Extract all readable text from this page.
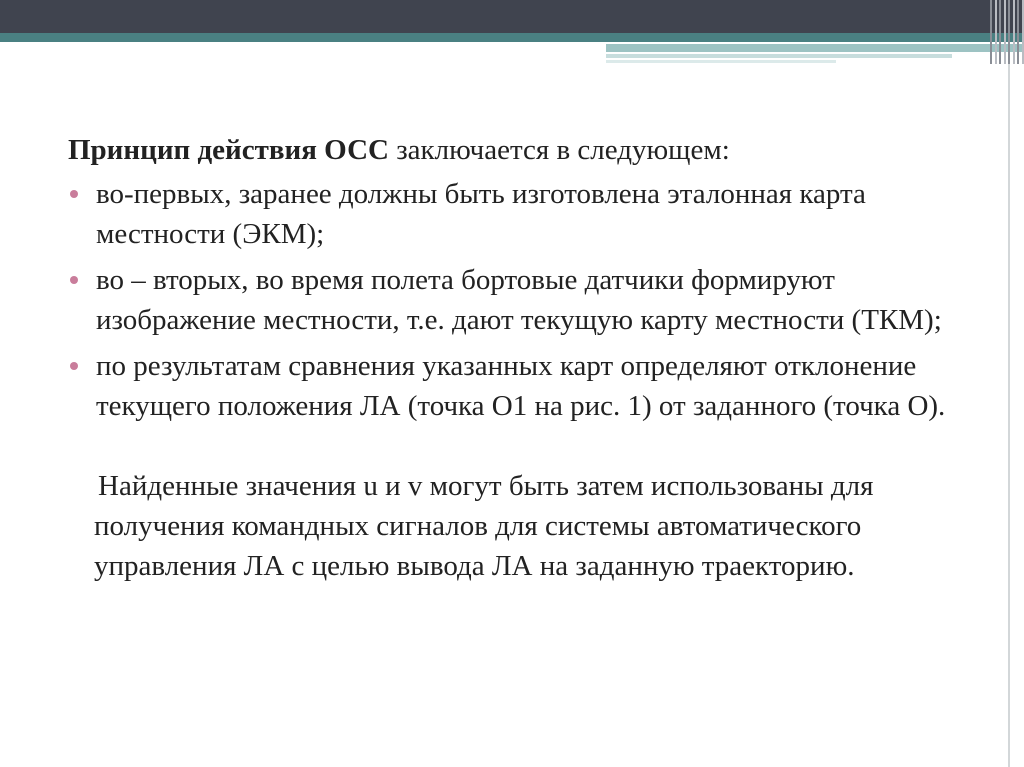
Принцип действия ОСС заключается в следующем:

во-первых, заранее должны быть изготовлена эталонная карта местности (ЭКМ);
во – вторых, во время полета бортовые датчики формируют изображение местности, т.е. дают текущую карту местности (ТКМ);
по результатам сравнения указанных карт определяют отклонение текущего положения ЛА (точка О1 на рис. 1) от заданного (точка О).

Найденные значения u и v могут быть затем использованы для получения командных сигналов для системы автоматического управления ЛА с целью вывода ЛА на заданную траекторию.
